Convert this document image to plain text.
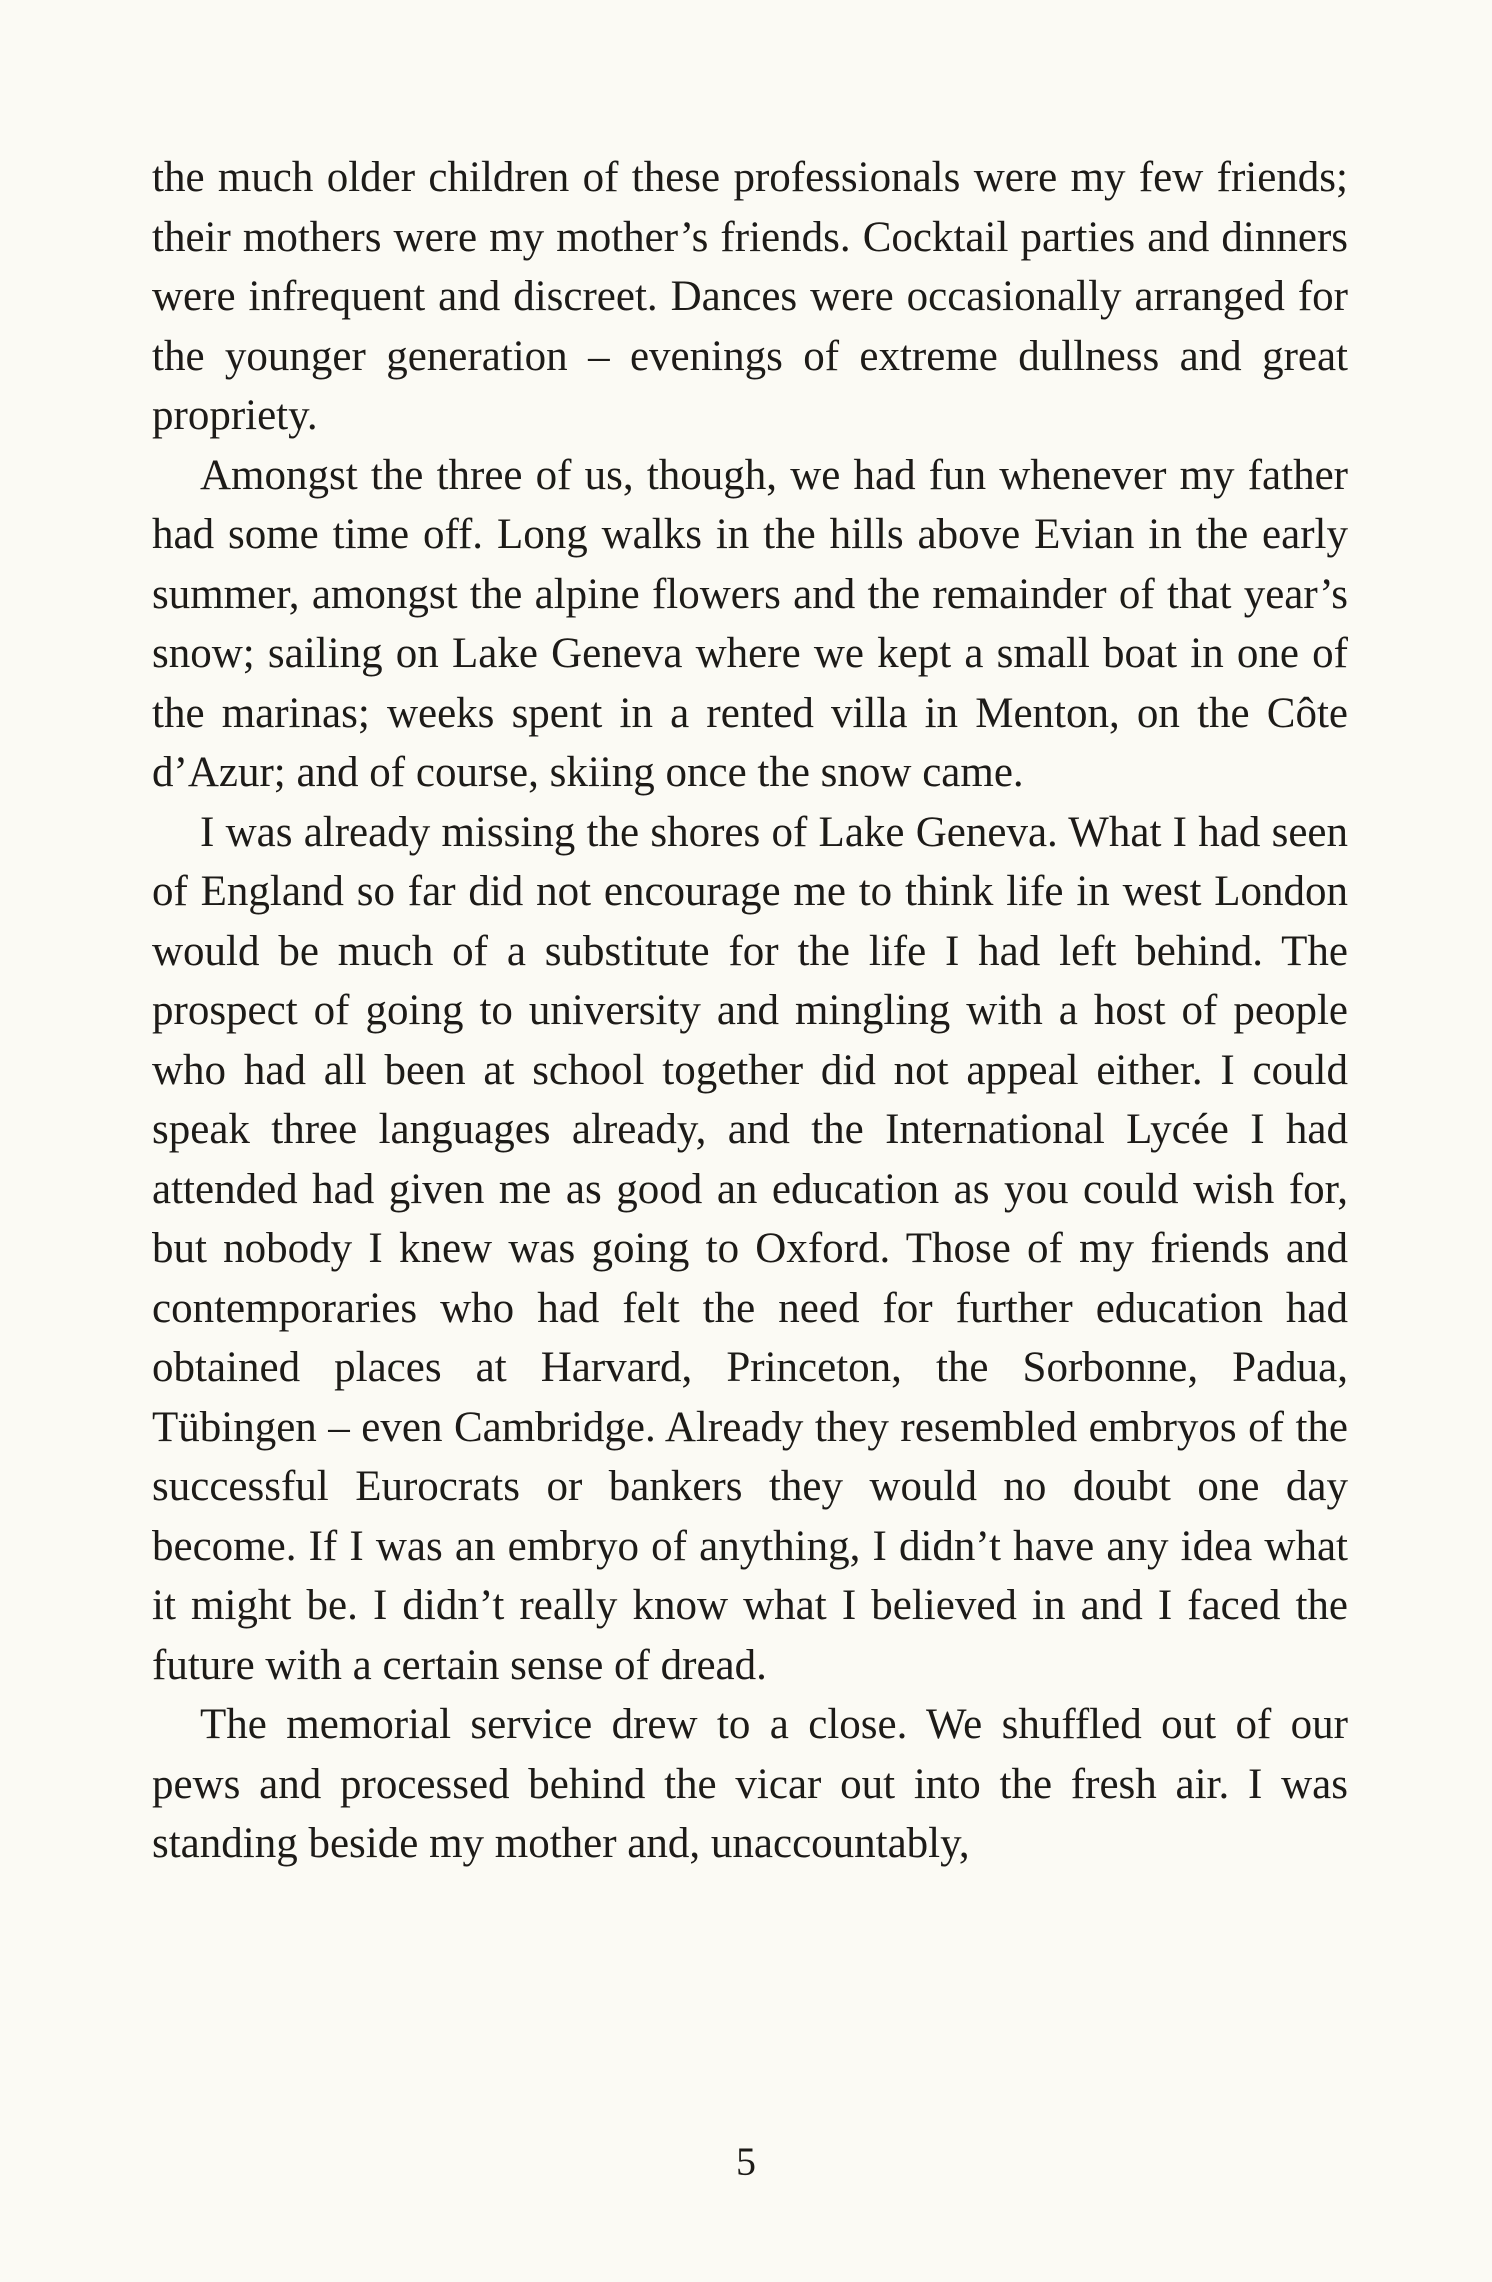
the much older children of these professionals were my few friends; their mothers were my mother’s friends. Cocktail parties and dinners were infrequent and discreet. Dances were occasionally arranged for the younger generation – evenings of extreme dullness and great propriety.

Amongst the three of us, though, we had fun whenever my father had some time off. Long walks in the hills above Evian in the early summer, amongst the alpine flowers and the remainder of that year’s snow; sailing on Lake Geneva where we kept a small boat in one of the marinas; weeks spent in a rented villa in Menton, on the Côte d’Azur; and of course, skiing once the snow came.

I was already missing the shores of Lake Geneva. What I had seen of England so far did not encourage me to think life in west London would be much of a substitute for the life I had left behind. The prospect of going to university and mingling with a host of people who had all been at school together did not appeal either. I could speak three languages already, and the International Lycée I had attended had given me as good an education as you could wish for, but nobody I knew was going to Oxford. Those of my friends and contemporaries who had felt the need for further education had obtained places at Harvard, Princeton, the Sorbonne, Padua, Tübingen – even Cambridge. Already they resembled embryos of the successful Eurocrats or bankers they would no doubt one day become. If I was an embryo of anything, I didn’t have any idea what it might be. I didn’t really know what I believed in and I faced the future with a certain sense of dread.

The memorial service drew to a close. We shuffled out of our pews and processed behind the vicar out into the fresh air. I was standing beside my mother and, unaccountably,

5
